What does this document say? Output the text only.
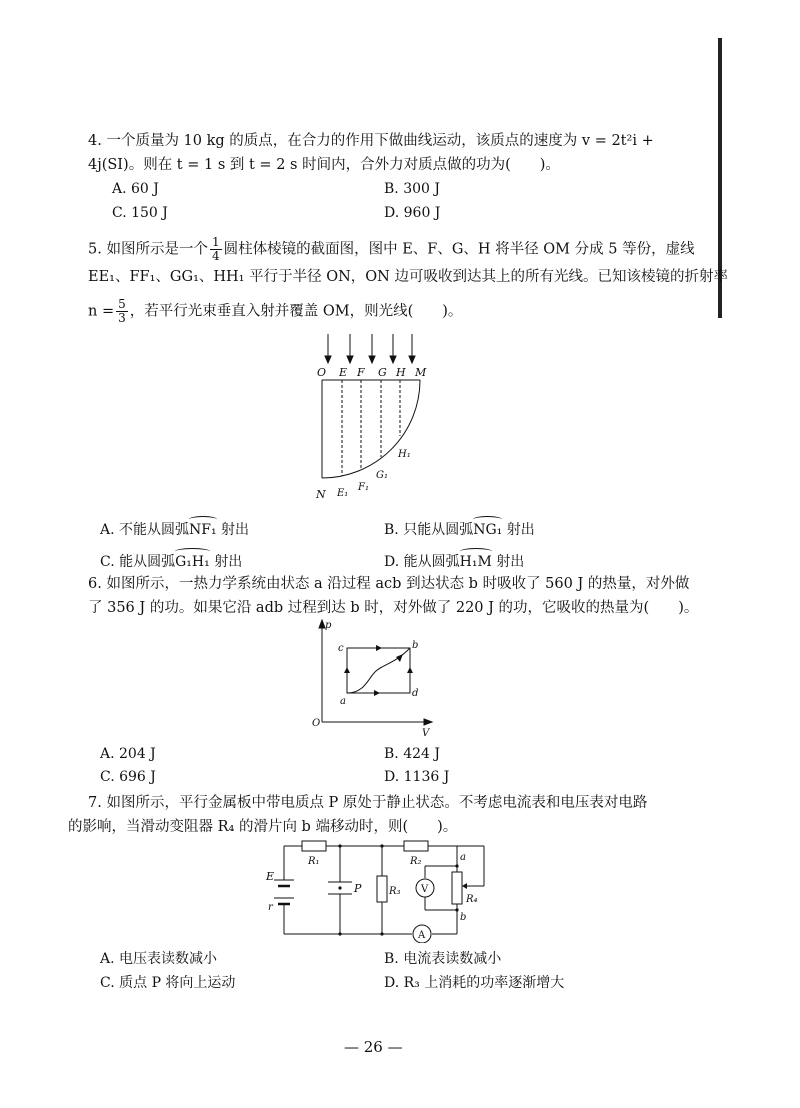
4. 一个质量为 10 kg 的质点，在合力的作用下做曲线运动，该质点的速度为 v = 2t²i +
4j(SI)。则在 t = 1 s 到 t = 2 s 时间内，合外力对质点做的功为(　　)。
A. 60 J	B. 300 J
C. 150 J	D. 960 J
5. 如图所示是一个 $\frac{1}{4}$ 圆柱体棱镜的截面图，图中 E、F、G、H 将半径 OM 分成 5 等份，虚线
EE₁、FF₁、GG₁、HH₁ 平行于半径 ON，ON 边可吸收到达其上的所有光线。已知该棱镜的折射率
$n = \frac{5}{3}$ ，若平行光束垂直入射并覆盖 OM，则光线(　　)。
O E F G H M
H₁
G₁
F₁
E₁
N
A. 不能从圆弧NF₁ 射出	B. 只能从圆弧NG₁ 射出
C. 能从圆弧G₁H₁ 射出	D. 能从圆弧H₁M 射出
6. 如图所示，一热力学系统由状态 a 沿过程 acb 到达状态 b 时吸收了 560 J 的热量，对外做
了 356 J 的功。如果它沿 adb 过程到达 b 时，对外做了 220 J 的功，它吸收的热量为(　　)。
p
V
O
c	b
a
d
A. 204 J	B. 424 J
C. 696 J	D. 1136 J
7. 如图所示，平行金属板中带电质点 P 原处于静止状态。不考虑电流表和电压表对电路
的影响，当滑动变阻器 R₄ 的滑片向 b 端移动时，则(　　)。
R₁	R₂
R₃
R₄
E
r
P	V
A
a
b
A. 电压表读数减小	B. 电流表读数减小
C. 质点 P 将向上运动	D. R₃ 上消耗的功率逐渐增大
— 26 —
